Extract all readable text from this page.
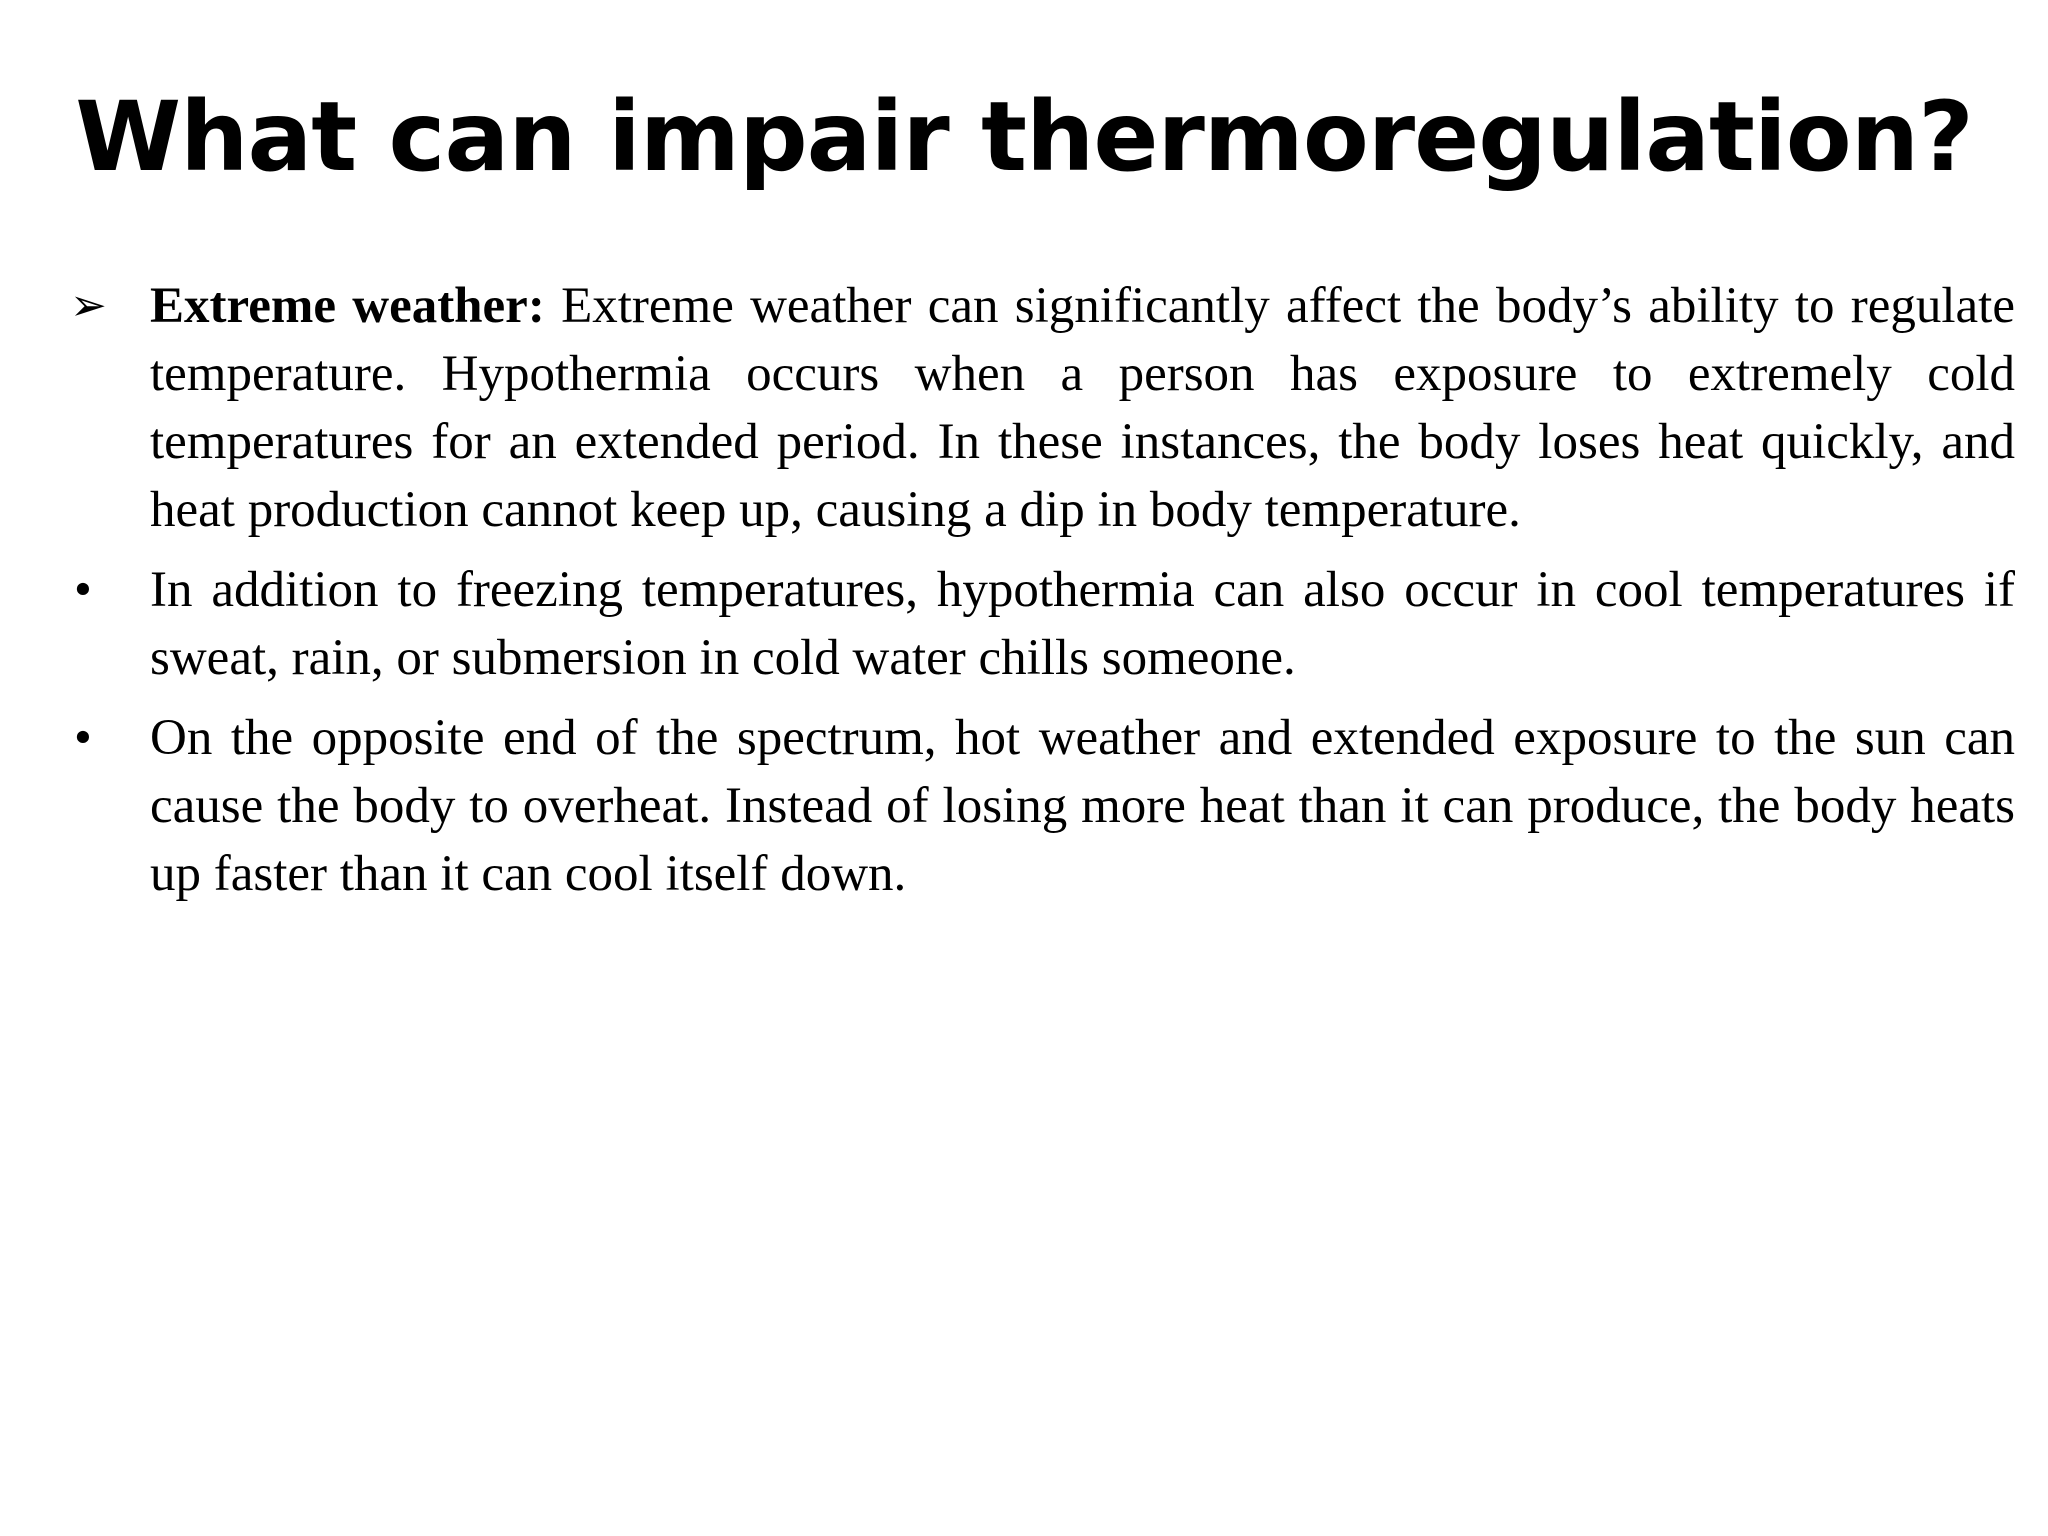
What can impair thermoregulation?

➢ Extreme weather: Extreme weather can significantly affect the body’s ability to regulate temperature. Hypothermia occurs when a person has exposure to extremely cold temperatures for an extended period. In these instances, the body loses heat quickly, and heat production cannot keep up, causing a dip in body temperature.

•	In addition to freezing temperatures, hypothermia can also occur in cool temperatures if sweat, rain, or submersion in cold water chills someone.

•	On the opposite end of the spectrum, hot weather and extended exposure to the sun can cause the body to overheat. Instead of losing more heat than it can produce, the body heats up faster than it can cool itself down.
